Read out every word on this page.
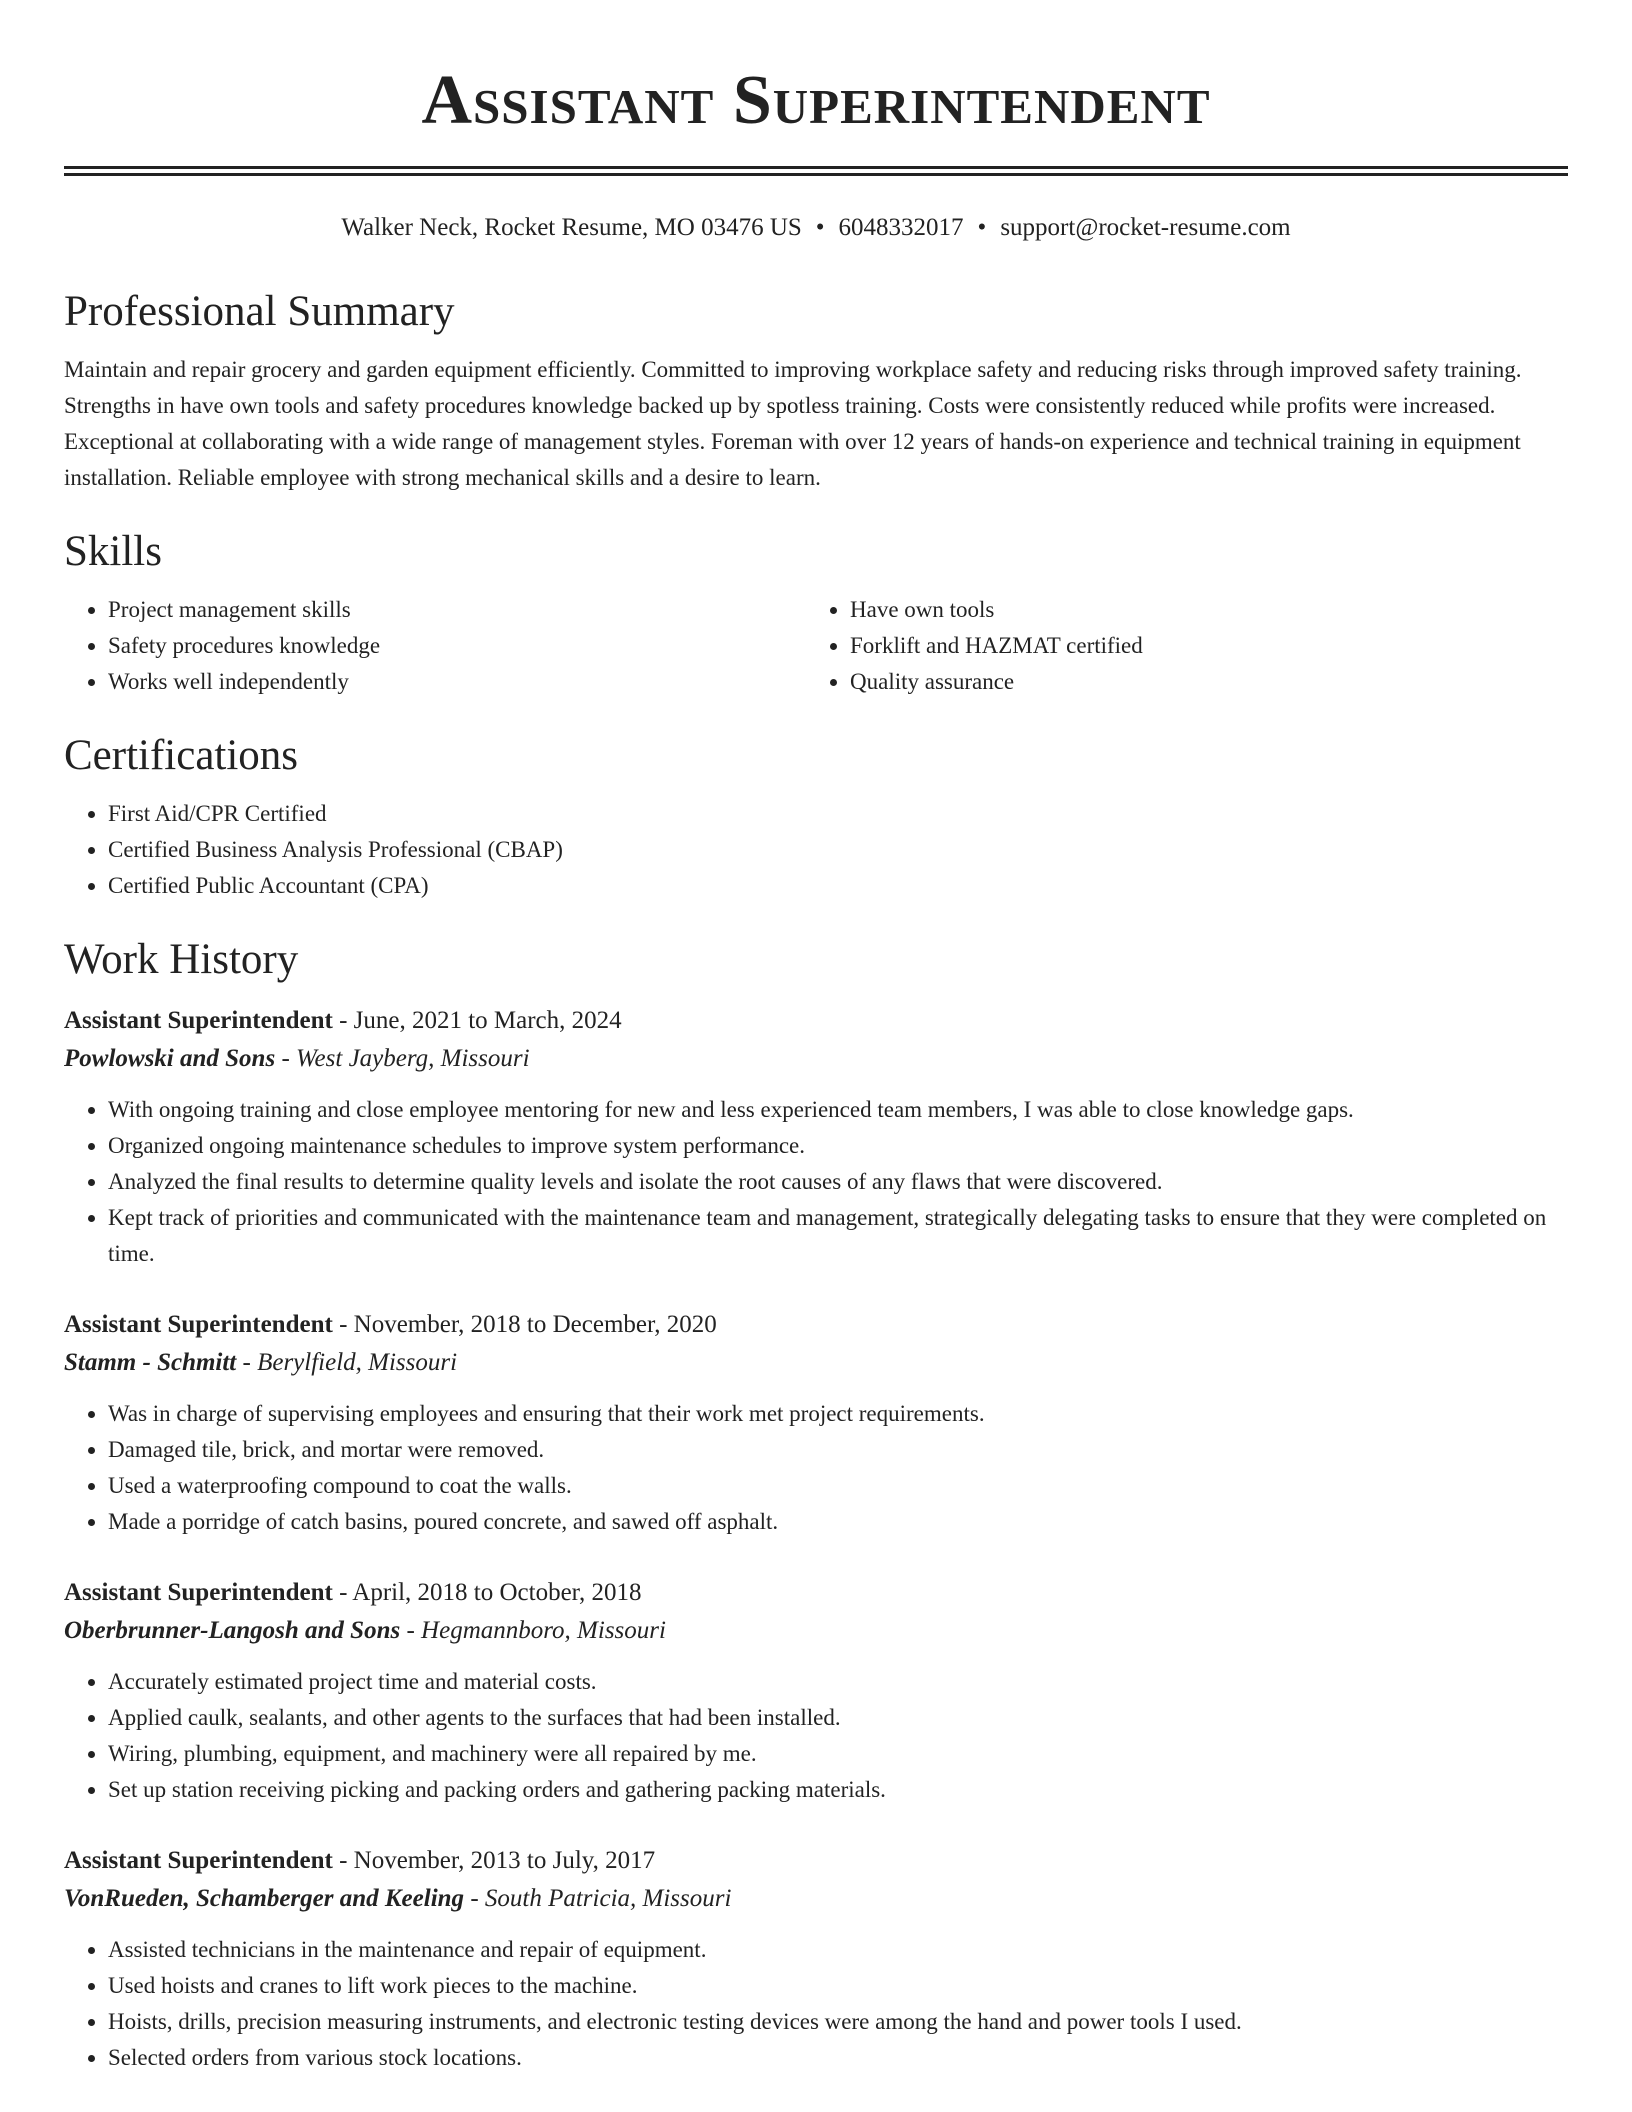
Assistant Superintendent
Walker Neck, Rocket Resume, MO 03476 US • 6048332017 • support@rocket-resume.com
Professional Summary

Maintain and repair grocery and garden equipment efficiently. Committed to improving workplace safety and reducing risks through improved safety training. Strengths in have own tools and safety procedures knowledge backed up by spotless training. Costs were consistently reduced while profits were increased. Exceptional at collaborating with a wide range of management styles. Foreman with over 12 years of hands-on experience and technical training in equipment installation. Reliable employee with strong mechanical skills and a desire to learn.

Skills
• Project management skills
• Safety procedures knowledge
• Works well independently
• Have own tools
• Forklift and HAZMAT certified
• Quality assurance
Certifications
• First Aid/CPR Certified
• Certified Business Analysis Professional (CBAP)
• Certified Public Accountant (CPA)
Work History
Assistant Superintendent - June, 2021 to March, 2024
Powlowski and Sons - West Jayberg, Missouri
• With ongoing training and close employee mentoring for new and less experienced team members, I was able to close knowledge gaps.
• Organized ongoing maintenance schedules to improve system performance.
• Analyzed the final results to determine quality levels and isolate the root causes of any flaws that were discovered.
• Kept track of priorities and communicated with the maintenance team and management, strategically delegating tasks to ensure that they were completed on time.
Assistant Superintendent - November, 2018 to December, 2020
Stamm - Schmitt - Berylfield, Missouri
• Was in charge of supervising employees and ensuring that their work met project requirements.
• Damaged tile, brick, and mortar were removed.
• Used a waterproofing compound to coat the walls.
• Made a porridge of catch basins, poured concrete, and sawed off asphalt.
Assistant Superintendent - April, 2018 to October, 2018
Oberbrunner-Langosh and Sons - Hegmannboro, Missouri
• Accurately estimated project time and material costs.
• Applied caulk, sealants, and other agents to the surfaces that had been installed.
• Wiring, plumbing, equipment, and machinery were all repaired by me.
• Set up station receiving picking and packing orders and gathering packing materials.
Assistant Superintendent - November, 2013 to July, 2017
VonRueden, Schamberger and Keeling - South Patricia, Missouri
• Assisted technicians in the maintenance and repair of equipment.
• Used hoists and cranes to lift work pieces to the machine.
• Hoists, drills, precision measuring instruments, and electronic testing devices were among the hand and power tools I used.
• Selected orders from various stock locations.
